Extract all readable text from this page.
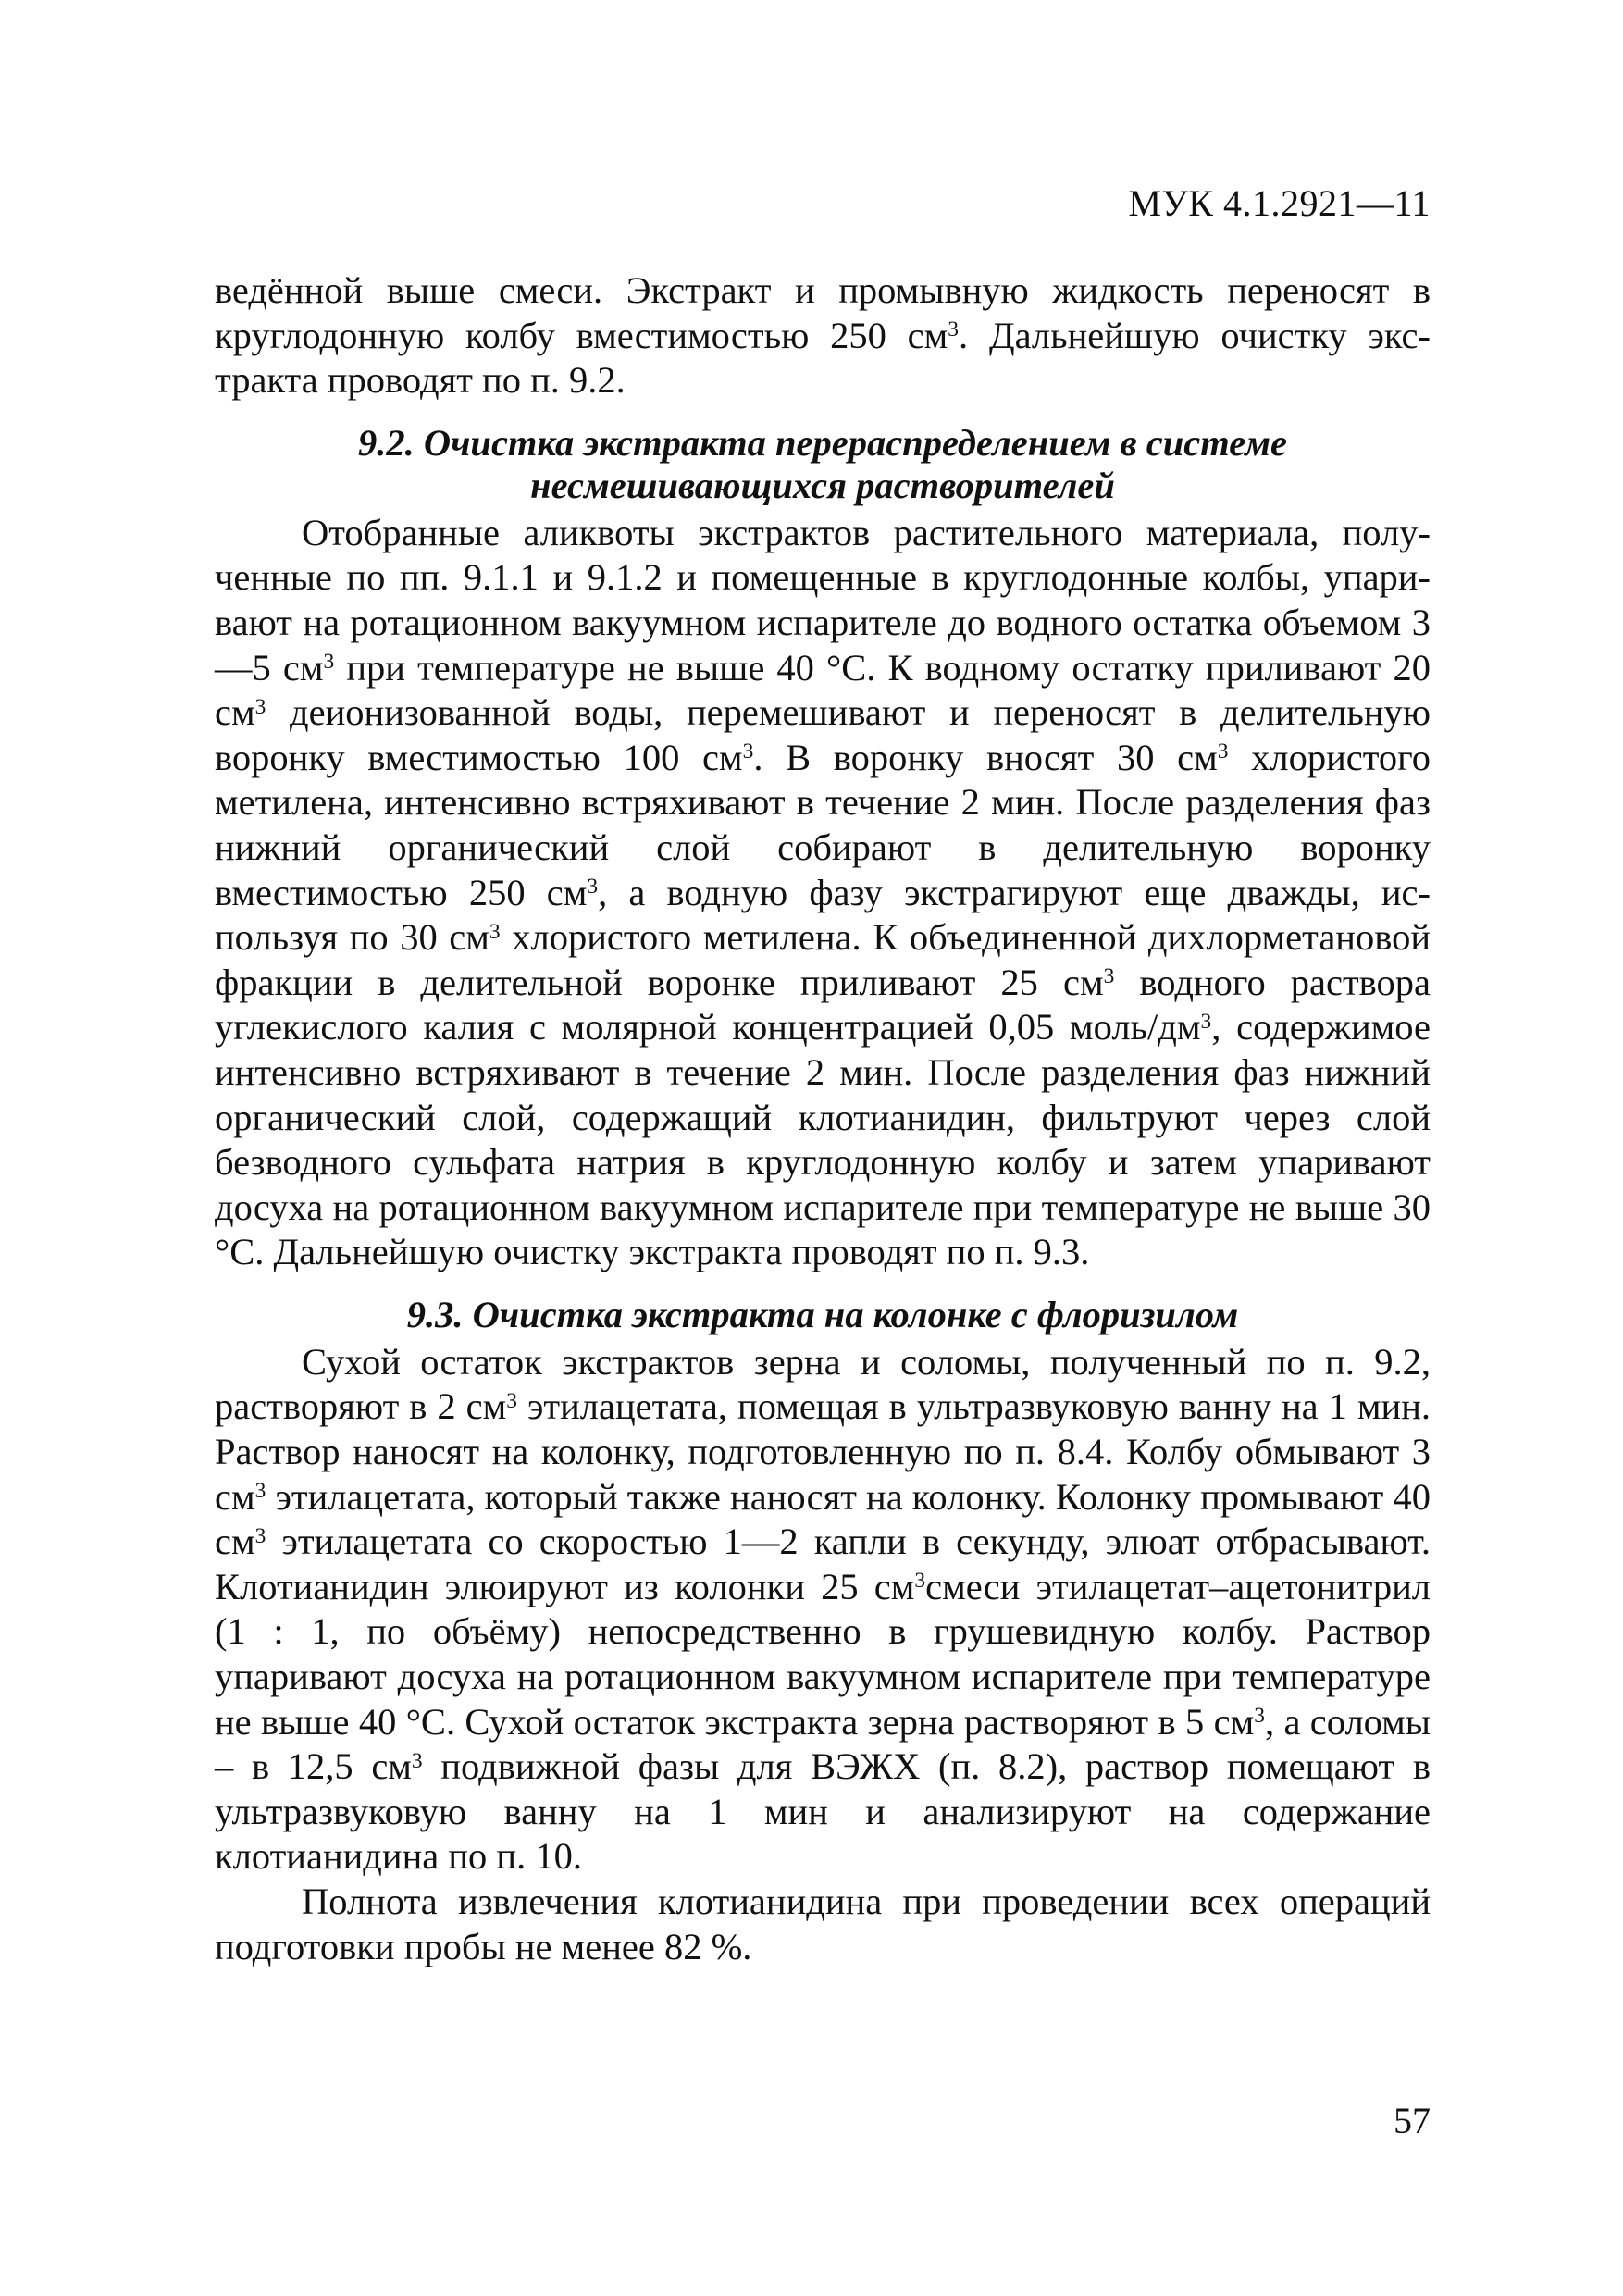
МУК 4.1.2921—11

ведённой выше смеси. Экстракт и промывную жидкость переносят в круглодонную колбу вместимостью 250 $см^3$. Дальнейшую очистку экстракта проводят по п. 9.2.

9.2. Очистка экстракта перераспределением в системе несмешивающихся растворителей

Отобранные аликвоты экстрактов растительного материала, полученные по пп. 9.1.1 и 9.1.2 и помещенные в круглодонные колбы, упаривают на ротационном вакуумном испарителе до водного остатка объемом 3—5 $см^3$ при температуре не выше 40 °С. К водному остатку приливают 20 $см^3$ деионизованной воды, перемешивают и переносят в делительную воронку вместимостью 100 $см^3$. В воронку вносят 30 $см^3$ хлористого метилена, интенсивно встряхивают в течение 2 мин. После разделения фаз нижний органический слой собирают в делительную воронку вместимостью 250 $см^3$, а водную фазу экстрагируют еще дважды, используя по 30 $см^3$ хлористого метилена. К объединенной дихлорметановой фракции в делительной воронке приливают 25 $см^3$ водного раствора углекислого калия с молярной концентрацией 0,05 моль/$дм^3$, содержимое интенсивно встряхивают в течение 2 мин. После разделения фаз нижний органический слой, содержащий клотианидин, фильтруют через слой безводного сульфата натрия в круглодонную колбу и затем упаривают досуха на ротационном вакуумном испарителе при температуре не выше 30 °С. Дальнейшую очистку экстракта проводят по п. 9.3.

9.3. Очистка экстракта на колонке с флоризилом

Сухой остаток экстрактов зерна и соломы, полученный по п. 9.2, растворяют в 2 $см^3$ этилацетата, помещая в ультразвуковую ванну на 1 мин. Раствор наносят на колонку, подготовленную по п. 8.4. Колбу обмывают 3 $см^3$ этилацетата, который также наносят на колонку. Колонку промывают 40 $см^3$ этилацетата со скоростью 1—2 капли в секунду, элюат отбрасывают. Клотианидин элюируют из колонки 25 $см^3смеси$ этилацетат–ацетонитрил (1 : 1, по объёму) непосредственно в грушевидную колбу. Раствор упаривают досуха на ротационном вакуумном испарителе при температуре не выше 40 °С. Сухой остаток экстракта зерна растворяют в 5 $см^3$, а соломы – в 12,5 $см^3$ подвижной фазы для ВЭЖХ (п. 8.2), раствор помещают в ультразвуковую ванну на 1 мин и анализируют на содержание клотианидина по п. 10.

Полнота извлечения клотианидина при проведении всех операций подготовки пробы не менее 82 %.

57
